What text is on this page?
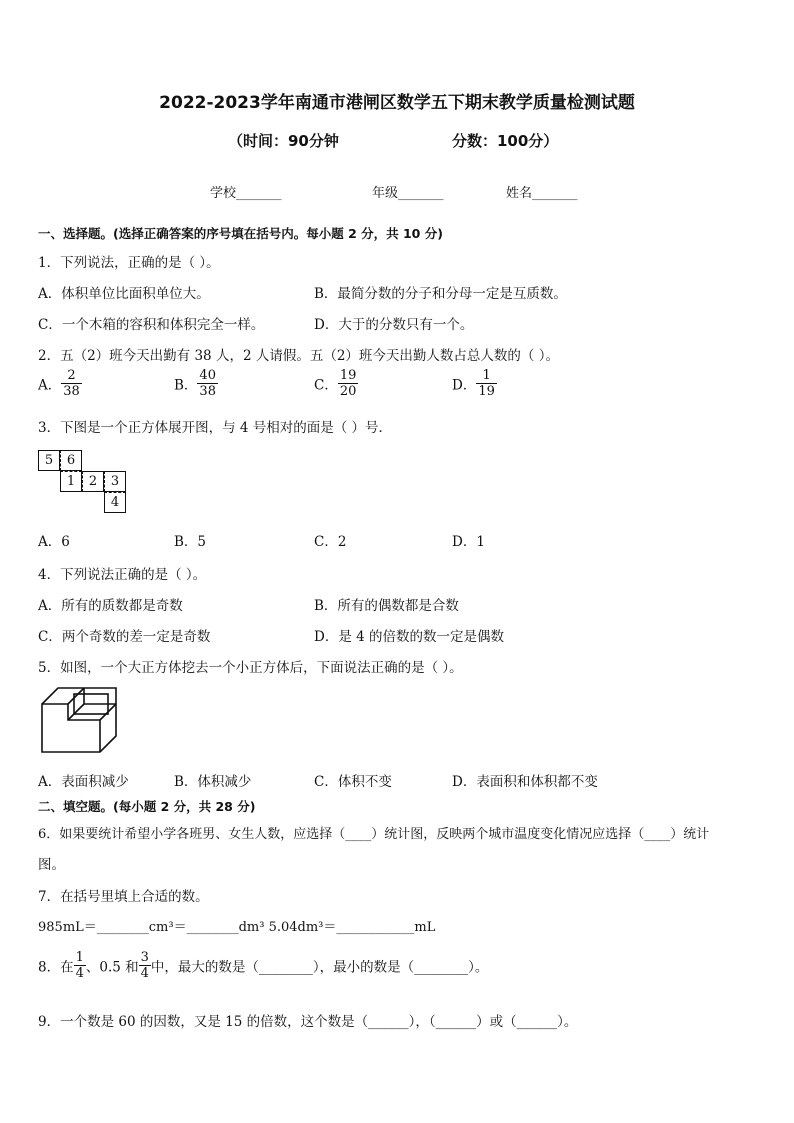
2022-2023学年南通市港闸区数学五下期末教学质量检测试题
（时间：90分钟	分数：100分）
学校_______	年级_______	姓名_______
一、选择题。(选择正确答案的序号填在括号内。每小题 2 分，共 10 分)
1．下列说法，正确的是（ ）。
A．体积单位比面积单位大。	B．最简分数的分子和分母一定是互质数。
C．一个木箱的容积和体积完全一样。	D．大于的分数只有一个。
2．五（2）班今天出勤有 38 人，2 人请假。五（2）班今天出勤人数占总人数的（ ）。
A． $\frac{2}{38}$	B． $\frac{40}{38}$	C． $\frac{19}{20}$	D． $\frac{1}{19}$
3．下图是一个正方体展开图，与 4 号相对的面是（ ）号．
5	6
1	2	3
4
A．6	B．5	C．2	D．1
4．下列说法正确的是（ ）。
A．所有的质数都是奇数	B．所有的偶数都是合数
C．两个奇数的差一定是奇数	D．是 4 的倍数的数一定是偶数
5．如图，一个大正方体挖去一个小正方体后，下面说法正确的是（ ）。
A．表面积减少	B．体积减少	C．体积不变	D．表面积和体积都不变
二、填空题。(每小题 2 分，共 28 分)
6．如果要统计希望小学各班男、女生人数，应选择（____）统计图，反映两个城市温度变化情况应选择（____）统计
图。
7．在括号里填上合适的数。
985mL＝________cm³＝________dm³ 5.04dm³＝____________mL
8．在 $\frac{1}{4}$ 、0.5 和 $\frac{3}{4}$ 中，最大的数是（________），最小的数是（________）。
9．一个数是 60 的因数，又是 15 的倍数，这个数是（______），（______）或（______）。
